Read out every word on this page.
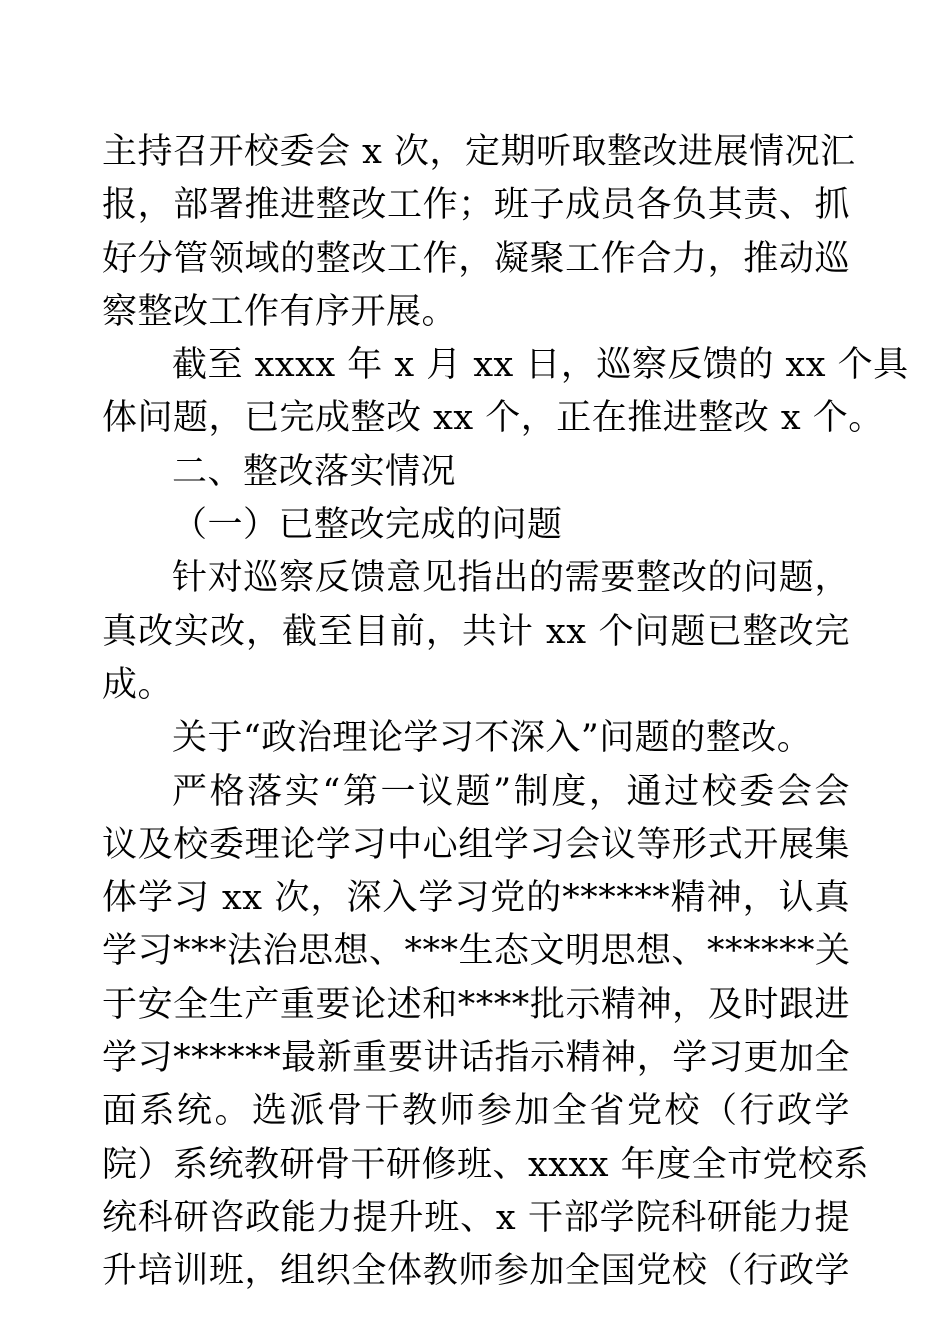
主持召开校委会 x 次，定期听取整改进展情况汇
报，部署推进整改工作；班子成员各负其责、抓
好分管领域的整改工作，凝聚工作合力，推动巡
察整改工作有序开展。
截至 xxxx 年 x 月 xx 日，巡察反馈的 xx 个具
体问题，已完成整改 xx 个，正在推进整改 x 个。
二、整改落实情况
（一）已整改完成的问题
针对巡察反馈意见指出的需要整改的问题，
真改实改，截至目前，共计 xx 个问题已整改完
成。
关于“政治理论学习不深入”问题的整改。
严格落实“第一议题”制度，通过校委会会
议及校委理论学习中心组学习会议等形式开展集
体学习 xx 次，深入学习党的******精神，认真
学习***法治思想、***生态文明思想、******关
于安全生产重要论述和****批示精神，及时跟进
学习******最新重要讲话指示精神，学习更加全
面系统。选派骨干教师参加全省党校（行政学
院）系统教研骨干研修班、xxxx 年度全市党校系
统科研咨政能力提升班、x 干部学院科研能力提
升培训班，组织全体教师参加全国党校（行政学
